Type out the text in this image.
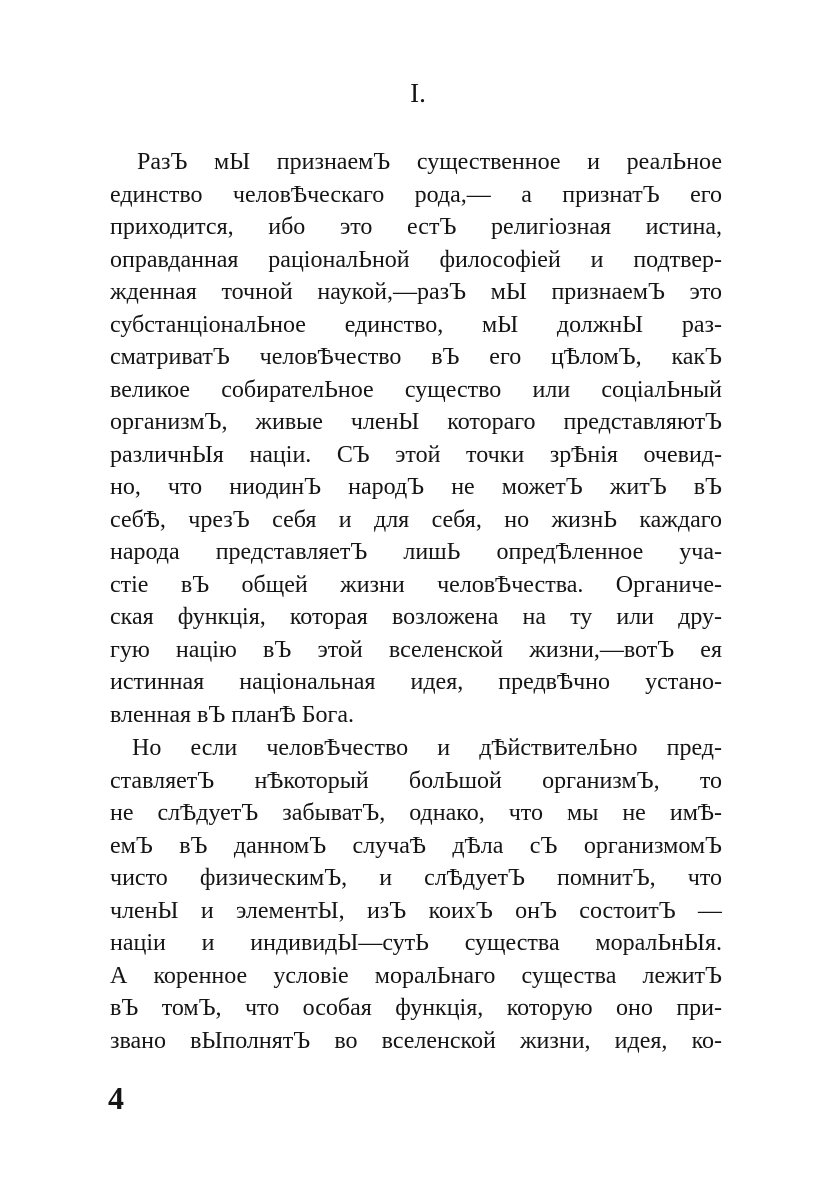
I.
РазЪ мЫ признаемЪ существенное и реалЬное
единство человѢческаго рода,— а признатЪ его
приходится, ибо это естЪ религіозная истина,
оправданная раціоналЬной философіей и подтвер-
жденная точной наукой,—разЪ мЫ признаемЪ это
субстанціоналЬное единство, мЫ должнЫ раз-
сматриватЪ человѢчество вЪ его цѢломЪ, какЪ
великое собирателЬное существо или соціалЬный
организмЪ, живые членЫ котораго представляютЪ
различнЫя націи. СЪ этой точки зрѢнія очевид-
но, что ниодинЪ народЪ не можетЪ житЪ вЪ
себѢ, чрезЪ себя и для себя, но жизнЬ каждаго
народа представляетЪ лишЬ опредѢленное уча-
стіе вЪ общей жизни человѢчества. Органиче-
ская функція, которая возложена на ту или дру-
гую націю вЪ этой вселенской жизни,—вотЪ ея
истинная національная идея, предвѢчно устано-
вленная вЪ планѢ Бога.
Но если человѢчество и дѢйствителЬно пред-
ставляетЪ нѢкоторый болЬшой организмЪ, то
не слѢдуетЪ забыватЪ, однако, что мы не имѢ-
емЪ вЪ данномЪ случаѢ дѢла сЪ организмомЪ
чисто физическимЪ, и слѢдуетЪ помнитЪ, что
членЫ и элементЫ, изЪ коихЪ онЪ состоитЪ —
націи и индивидЫ—сутЬ существа моралЬнЫя.
А коренное условіе моралЬнаго существа лежитЪ
вЪ томЪ, что особая функція, которую оно при-
звано вЫполнятЪ во вселенской жизни, идея, ко-
4
